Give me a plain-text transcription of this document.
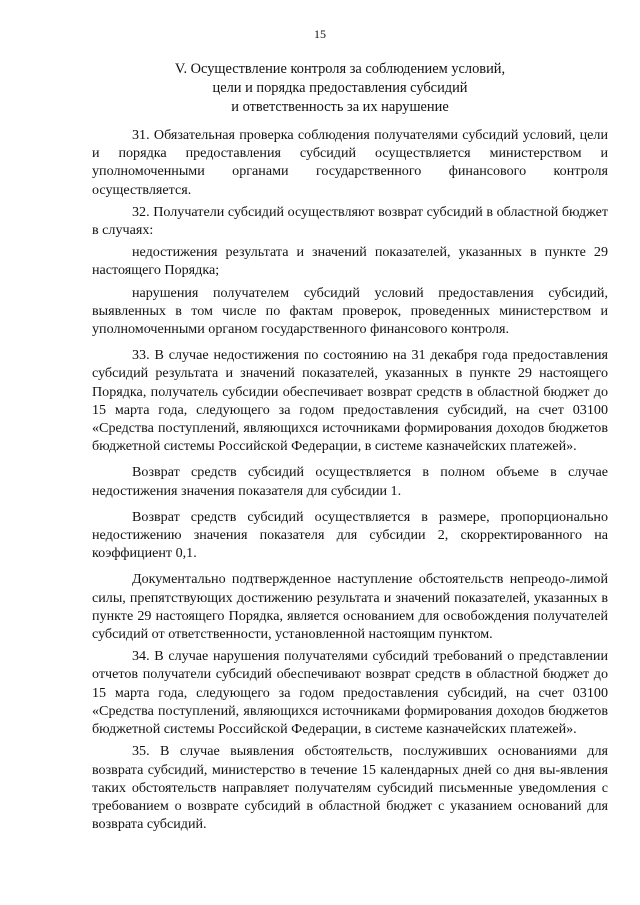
15
V. Осуществление контроля за соблюдением условий,
цели и порядка предоставления субсидий
и ответственность за их нарушение

31. Обязательная проверка соблюдения получателями субсидий условий, цели и порядка предоставления субсидий осуществляется министерством и уполномоченными органами государственного финансового контроля осуществляется.

32. Получатели субсидий осуществляют возврат субсидий в областной бюджет в случаях:

недостижения результата и значений показателей, указанных в пункте 29 настоящего Порядка;

нарушения получателем субсидий условий предоставления субсидий, выявленных в том числе по фактам проверок, проведенных министерством и уполномоченными органом государственного финансового контроля.

33. В случае недостижения по состоянию на 31 декабря года предоставления субсидий результата и значений показателей, указанных в пункте 29 настоящего Порядка, получатель субсидии обеспечивает возврат средств в областной бюджет до 15 марта года, следующего за годом предоставления субсидий, на счет 03100 «Средства поступлений, являющихся источниками формирования доходов бюджетов бюджетной системы Российской Федерации, в системе казначейских платежей».

Возврат средств субсидий осуществляется в полном объеме в случае недостижения значения показателя для субсидии 1.

Возврат средств субсидий осуществляется в размере, пропорционально недостижению значения показателя для субсидии 2, скорректированного на коэффициент 0,1.

Документально подтвержденное наступление обстоятельств непреодо-лимой силы, препятствующих достижению результата и значений показателей, указанных в пункте 29 настоящего Порядка, является основанием для освобождения получателей субсидий от ответственности, установленной настоящим пунктом.

34. В случае нарушения получателями субсидий требований о представлении отчетов получатели субсидий обеспечивают возврат средств в областной бюджет до 15 марта года, следующего за годом предоставления субсидий, на счет 03100 «Средства поступлений, являющихся источниками формирования доходов бюджетов бюджетной системы Российской Федерации, в системе казначейских платежей».

35. В случае выявления обстоятельств, послуживших основаниями для возврата субсидий, министерство в течение 15 календарных дней со дня вы-явления таких обстоятельств направляет получателям субсидий письменные уведомления с требованием о возврате субсидий в областной бюджет с указанием оснований для возврата субсидий.
